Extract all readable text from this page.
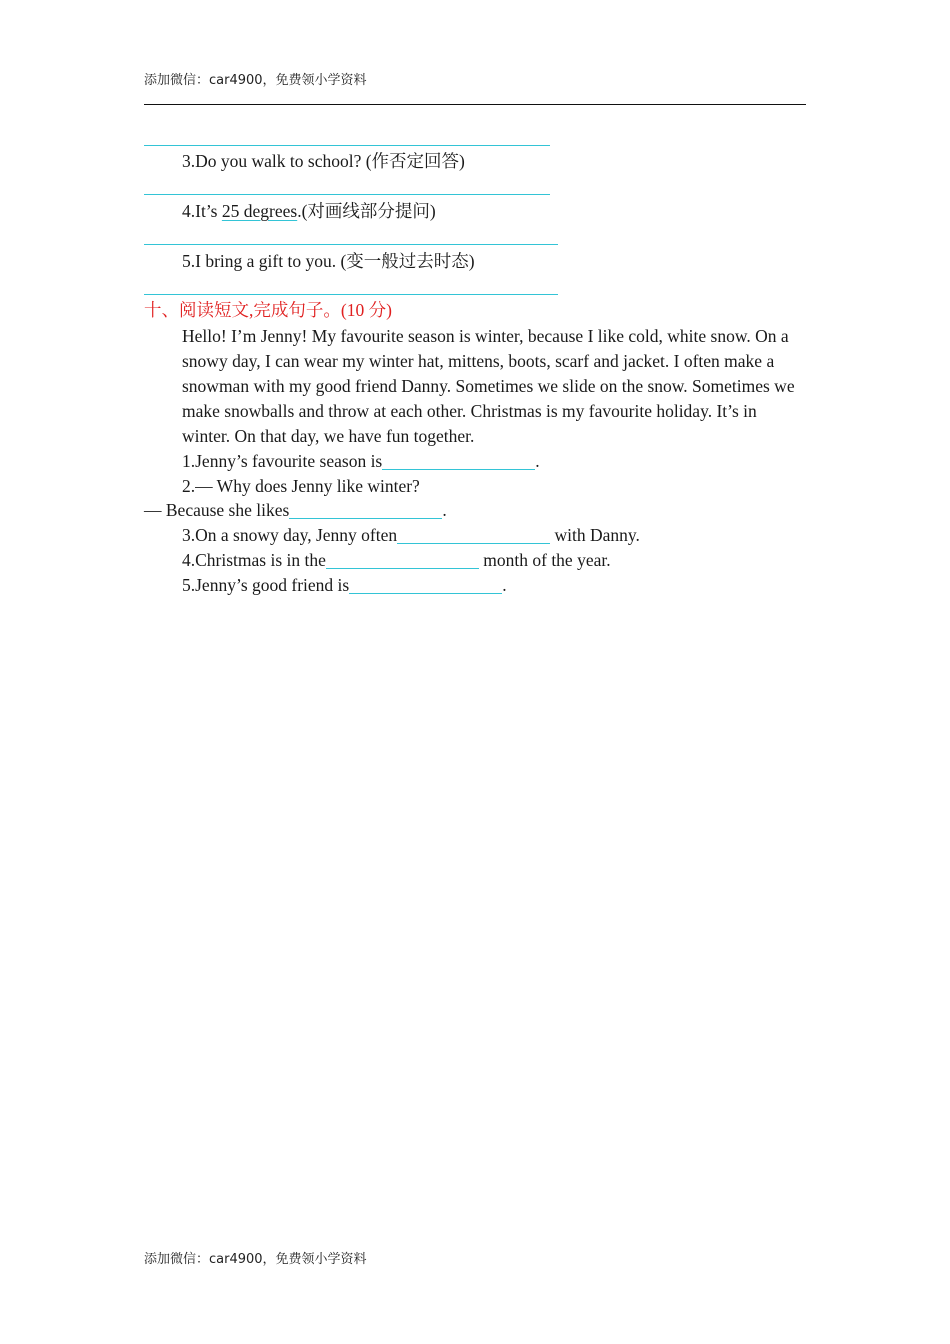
添加微信：car4900，免费领小学资料
3.Do you walk to school? (作否定回答)
4.It’s 25 degrees.(对画线部分提问)
5.I bring a gift to you. (变一般过去时态)
十、阅读短文,完成句子。(10 分)
Hello! I’m Jenny! My favourite season is winter, because I like cold, white snow. On a snowy day, I can wear my winter hat, mittens, boots, scarf and jacket. I often make a snowman with my good friend Danny. Sometimes we slide on the snow. Sometimes we make snowballs and throw at each other. Christmas is my favourite holiday. It’s in winter. On that day, we have fun together.
1.Jenny’s favourite season is	.
2.— Why does Jenny like winter?
— Because she likes	.
3.On a snowy day, Jenny often	with Danny.
4.Christmas is in the	month of the year.
5.Jenny’s good friend is	.
添加微信：car4900，免费领小学资料
